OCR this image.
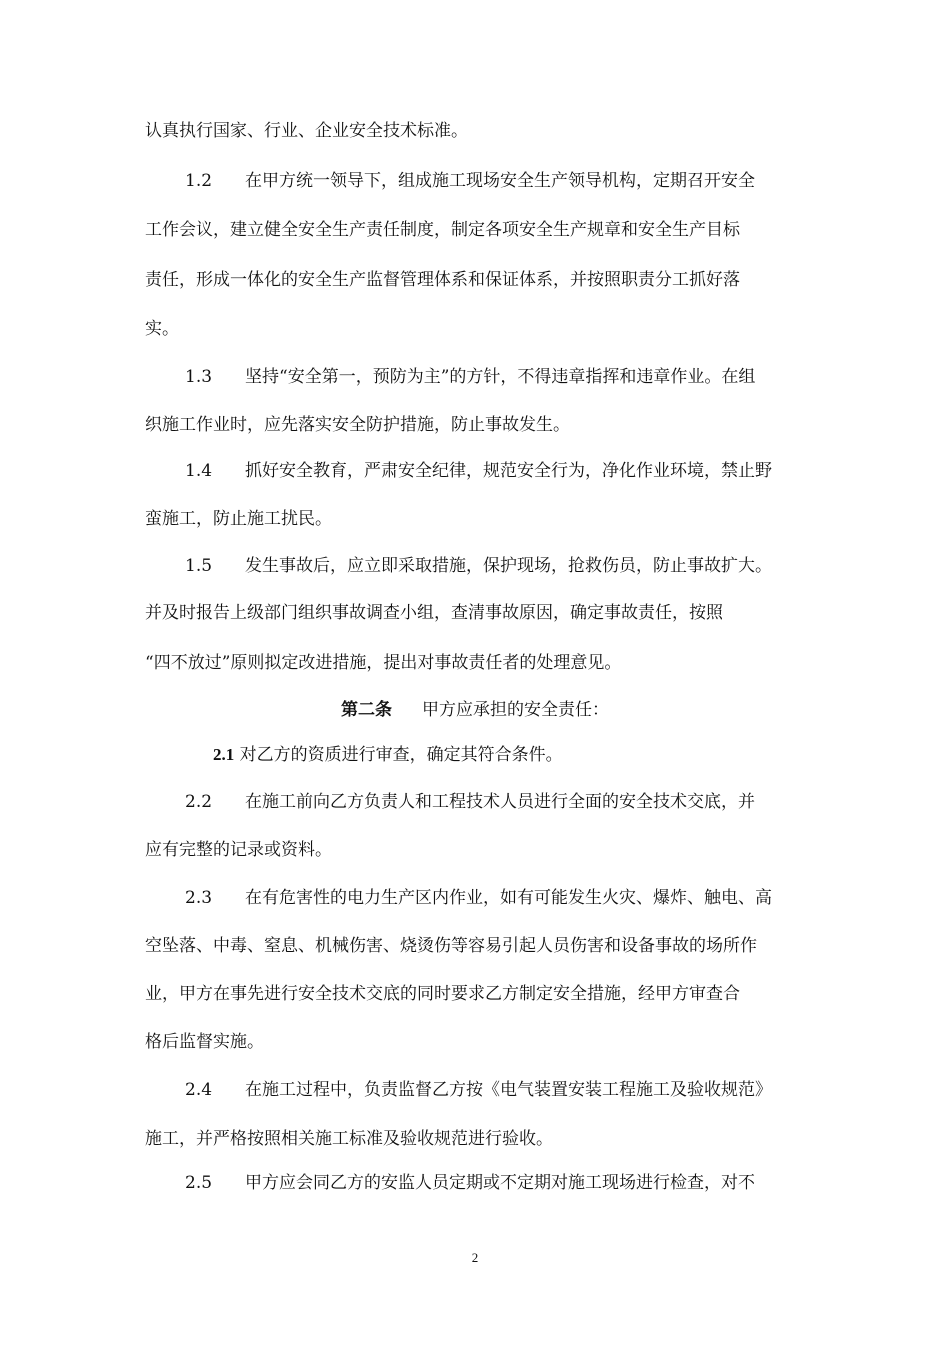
认真执行国家、行业、企业安全技术标准。
1.2 在甲方统一领导下，组成施工现场安全生产领导机构，定期召开安全
工作会议，建立健全安全生产责任制度，制定各项安全生产规章和安全生产目标
责任，形成一体化的安全生产监督管理体系和保证体系，并按照职责分工抓好落
实。
1.3 坚持“安全第一，预防为主”的方针，不得违章指挥和违章作业。在组
织施工作业时，应先落实安全防护措施，防止事故发生。
1.4 抓好安全教育，严肃安全纪律，规范安全行为，净化作业环境，禁止野
蛮施工，防止施工扰民。
1.5 发生事故后，应立即采取措施，保护现场，抢救伤员，防止事故扩大。
并及时报告上级部门组织事故调查小组，查清事故原因，确定事故责任，按照
“四不放过”原则拟定改进措施，提出对事故责任者的处理意见。
第二条 甲方应承担的安全责任：
2.1 对乙方的资质进行审查，确定其符合条件。
2.2 在施工前向乙方负责人和工程技术人员进行全面的安全技术交底，并
应有完整的记录或资料。
2.3 在有危害性的电力生产区内作业，如有可能发生火灾、爆炸、触电、高
空坠落、中毒、窒息、机械伤害、烧烫伤等容易引起人员伤害和设备事故的场所作
业，甲方在事先进行安全技术交底的同时要求乙方制定安全措施，经甲方审查合
格后监督实施。
2.4 在施工过程中，负责监督乙方按《电气装置安装工程施工及验收规范》
施工，并严格按照相关施工标准及验收规范进行验收。
2.5 甲方应会同乙方的安监人员定期或不定期对施工现场进行检查，对不
2
